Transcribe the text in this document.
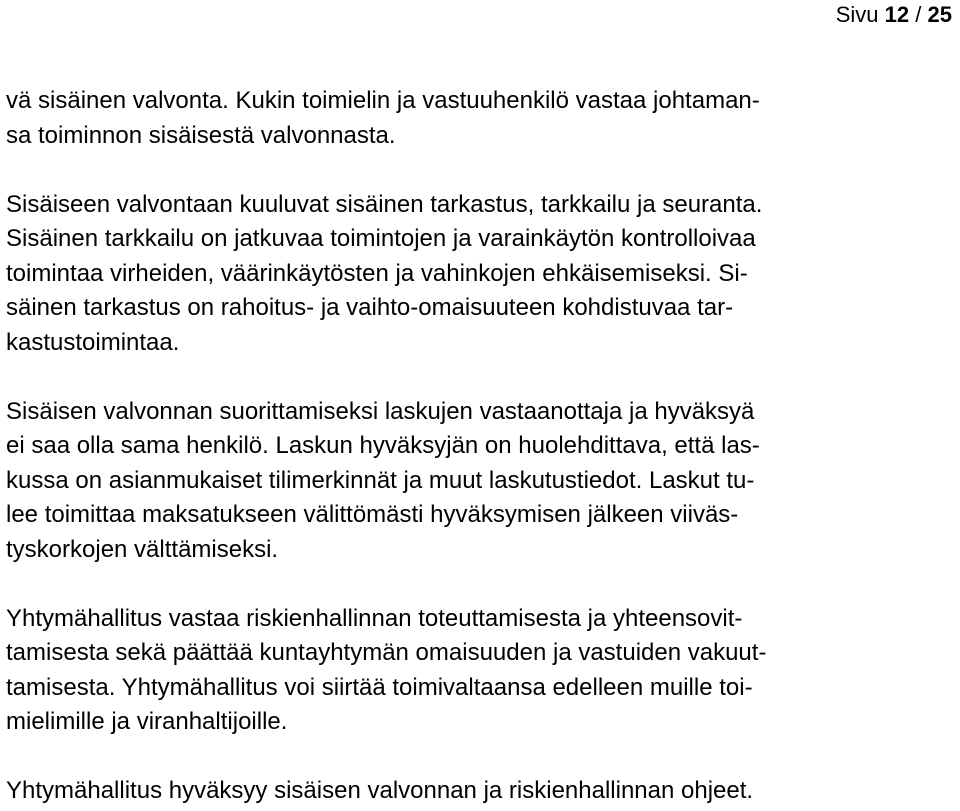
Sivu 12 / 25

vä sisäinen valvonta. Kukin toimielin ja vastuuhenkilö vastaa johtaman-
sa toiminnon sisäisestä valvonnasta.

Sisäiseen valvontaan kuuluvat sisäinen tarkastus, tarkkailu ja seuranta.
Sisäinen tarkkailu on jatkuvaa toimintojen ja varainkäytön kontrolloivaa
toimintaa virheiden, väärinkäytösten ja vahinkojen ehkäisemiseksi. Si-
säinen tarkastus on rahoitus- ja vaihto-omaisuuteen kohdistuvaa tar-
kastustoimintaa.

Sisäisen valvonnan suorittamiseksi laskujen vastaanottaja ja hyväksyä
ei saa olla sama henkilö. Laskun hyväksyjän on huolehdittava, että las-
kussa on asianmukaiset tilimerkinnät ja muut laskutustiedot. Laskut tu-
lee toimittaa maksatukseen välittömästi hyväksymisen jälkeen viiväs-
tyskorkojen välttämiseksi.

Yhtymähallitus vastaa riskienhallinnan toteuttamisesta ja yhteensovit-
tamisesta sekä päättää kuntayhtymän omaisuuden ja vastuiden vakuut-
tamisesta. Yhtymähallitus voi siirtää toimivaltaansa edelleen muille toi-
mielimille ja viranhaltijoille.

Yhtymähallitus hyväksyy sisäisen valvonnan ja riskienhallinnan ohjeet.
